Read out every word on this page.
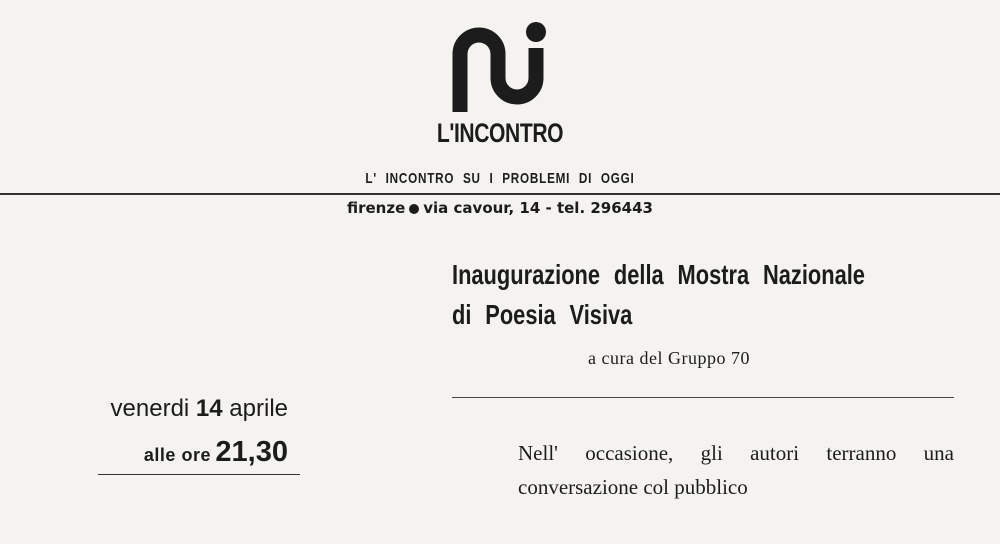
L'INCONTRO
L' INCONTRO SU I PROBLEMI DI OGGI
firenze via cavour, 14 - tel. 296443
Inaugurazione della Mostra Nazionale
di Poesia Visiva
a cura del Gruppo 70
Nell' occasione, gli autori terranno una conversazione col pubblico
venerdi 14 aprile
alle ore 21,30
